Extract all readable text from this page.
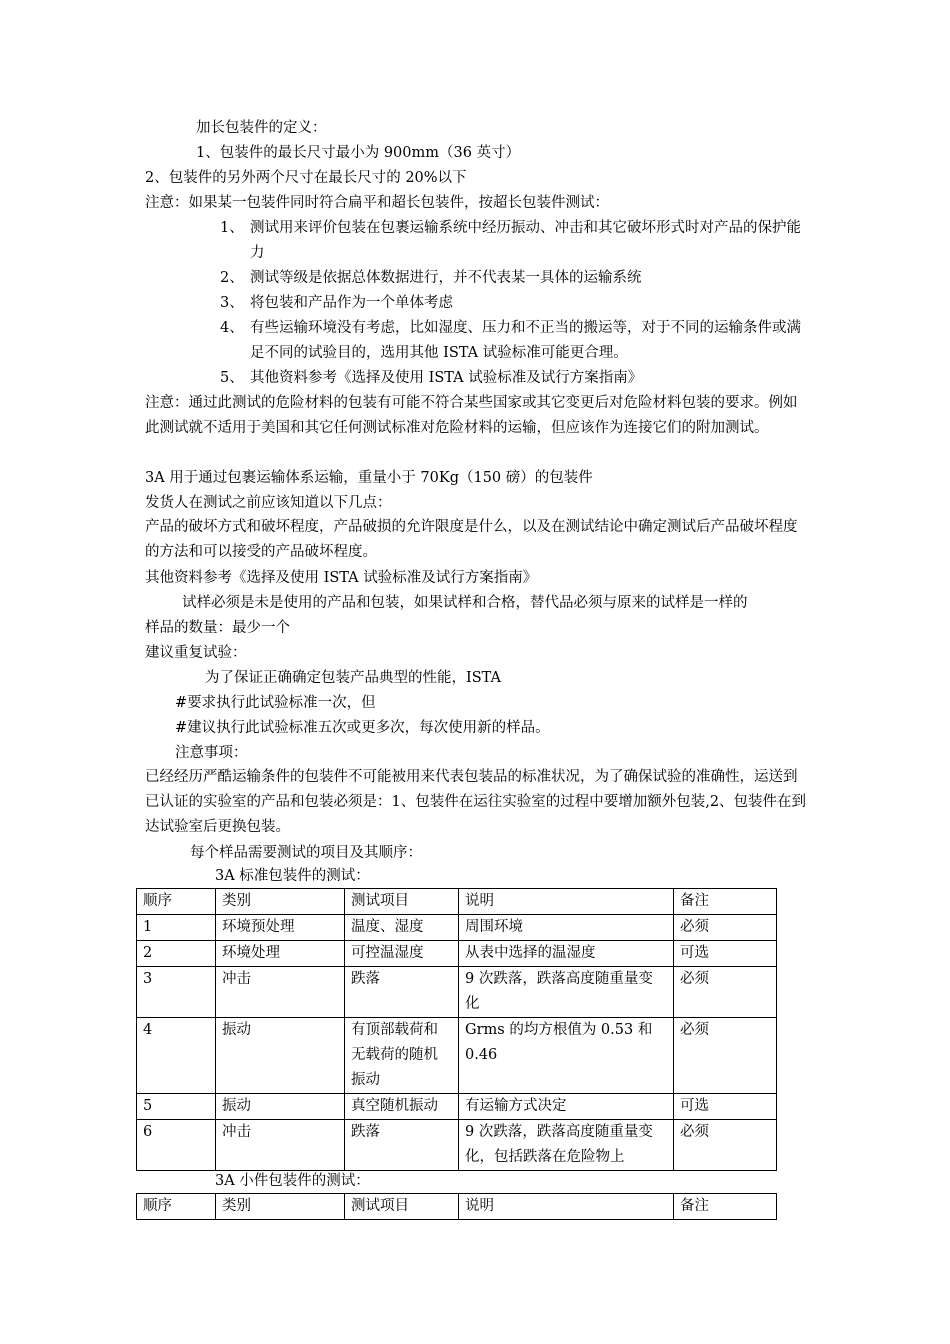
加长包装件的定义：
1、包装件的最长尺寸最小为 900mm（36 英寸）
2、包装件的另外两个尺寸在最长尺寸的 20%以下
注意：如果某一包装件同时符合扁平和超长包装件，按超长包装件测试：
1、 测试用来评价包装在包裹运输系统中经历振动、冲击和其它破坏形式时对产品的保护能力
2、 测试等级是依据总体数据进行，并不代表某一具体的运输系统
3、 将包装和产品作为一个单体考虑
4、 有些运输环境没有考虑，比如湿度、压力和不正当的搬运等，对于不同的运输条件或满足不同的试验目的，选用其他 ISTA 试验标准可能更合理。
5、 其他资料参考《选择及使用 ISTA 试验标准及试行方案指南》
注意：通过此测试的危险材料的包装有可能不符合某些国家或其它变更后对危险材料包装的要求。例如此测试就不适用于美国和其它任何测试标准对危险材料的运输，但应该作为连接它们的附加测试。
3A 用于通过包裹运输体系运输，重量小于 70Kg（150 磅）的包装件
发货人在测试之前应该知道以下几点：
产品的破坏方式和破坏程度，产品破损的允许限度是什么，以及在测试结论中确定测试后产品破坏程度的方法和可以接受的产品破坏程度。
其他资料参考《选择及使用 ISTA 试验标准及试行方案指南》
试样必须是未是使用的产品和包装，如果试样和合格，替代品必须与原来的试样是一样的
样品的数量：最少一个
建议重复试验：
为了保证正确确定包装产品典型的性能，ISTA
#要求执行此试验标准一次，但
#建议执行此试验标准五次或更多次，每次使用新的样品。
注意事项：
已经经历严酷运输条件的包装件不可能被用来代表包装品的标准状况，为了确保试验的准确性，运送到已认证的实验室的产品和包装必须是：1、包装件在运往实验室的过程中要增加额外包装,2、包装件在到达试验室后更换包装。
每个样品需要测试的项目及其顺序：
3A 标准包装件的测试：
顺序	类别	测试项目	说明	备注
1	环境预处理	温度、湿度	周围环境	必须
2	环境处理	可控温湿度	从表中选择的温湿度	可选
3	冲击	跌落	9 次跌落，跌落高度随重量变化	必须
4	振动	有顶部载荷和无载荷的随机振动	Grms 的均方根值为 0.53 和 0.46	必须
5	振动	真空随机振动	有运输方式决定	可选
6	冲击	跌落	9 次跌落，跌落高度随重量变化，包括跌落在危险物上	必须
3A 小件包装件的测试：
顺序	类别	测试项目	说明	备注
